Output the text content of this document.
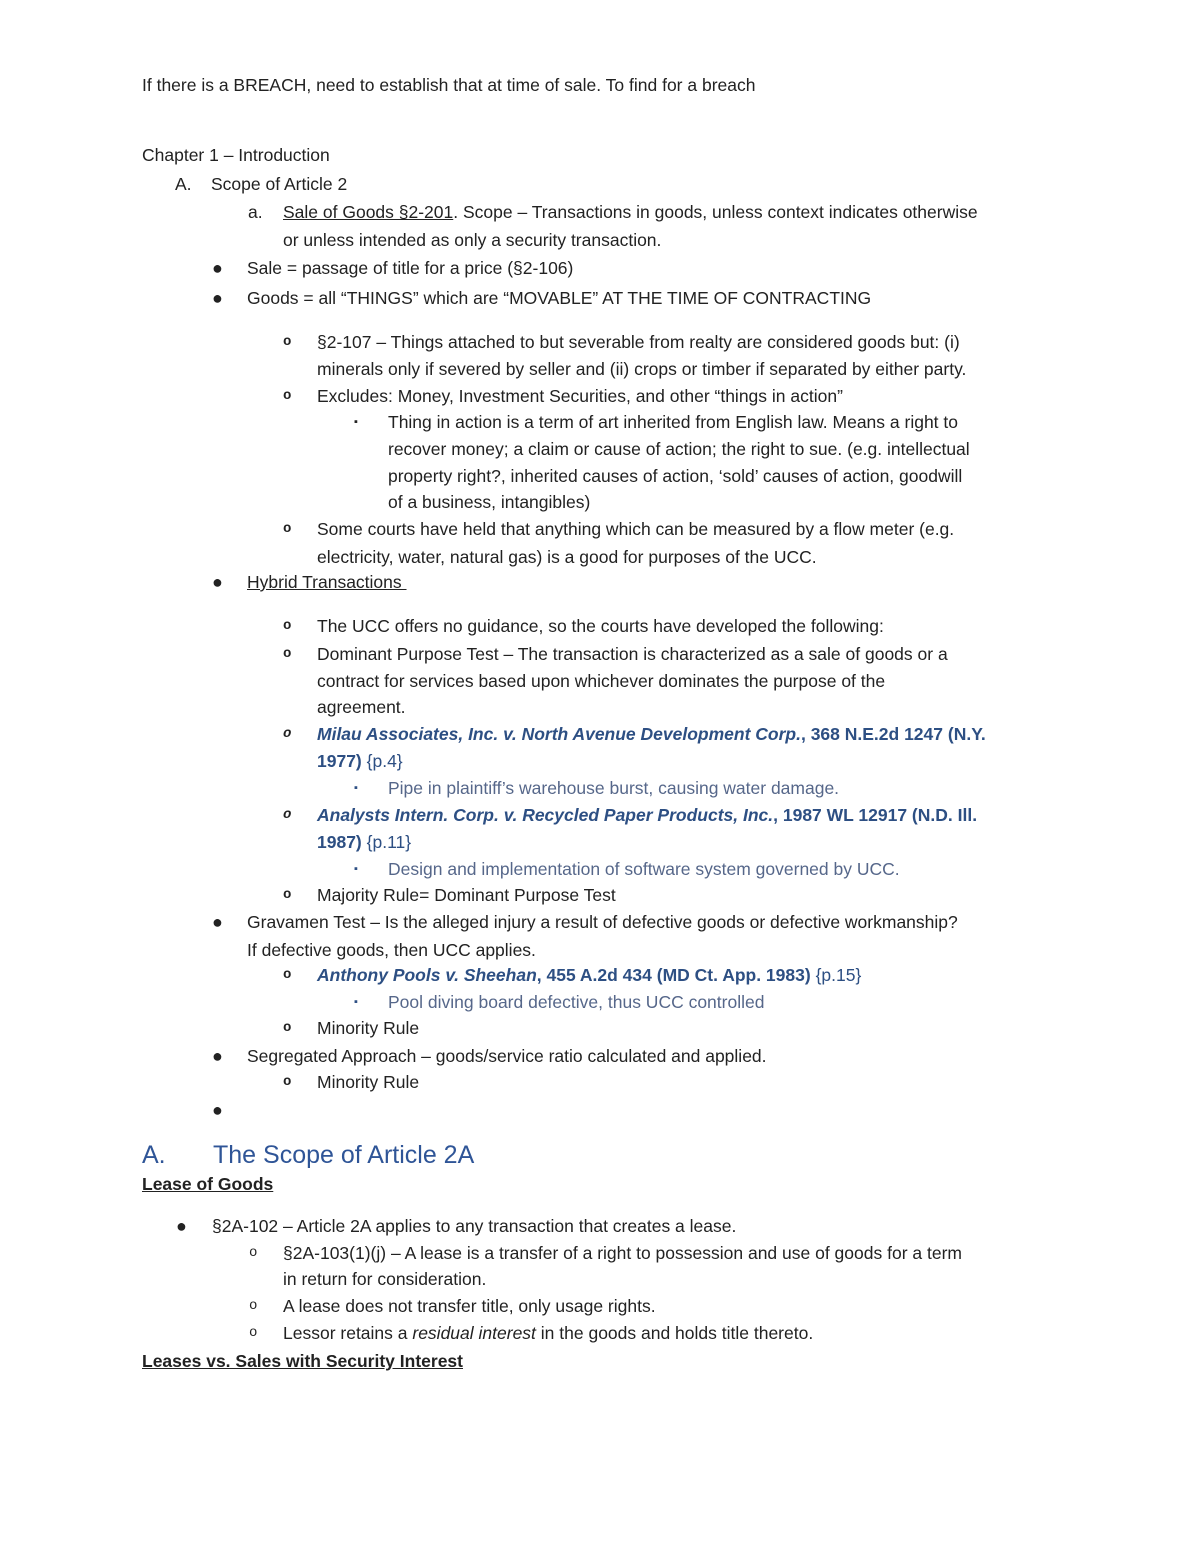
If there is a BREACH, need to establish that at time of sale. To find for a breach
Chapter 1 – Introduction
A. Scope of Article 2
a. Sale of Goods §2-201. Scope – Transactions in goods, unless context indicates otherwise
or unless intended as only a security transaction.
● Sale = passage of title for a price (§2-106)
● Goods = all “THINGS” which are “MOVABLE” AT THE TIME OF CONTRACTING
o §2-107 – Things attached to but severable from realty are considered goods but: (i)
minerals only if severed by seller and (ii) crops or timber if separated by either party.
o Excludes: Money, Investment Securities, and other “things in action”
▪ Thing in action is a term of art inherited from English law. Means a right to
recover money; a claim or cause of action; the right to sue. (e.g. intellectual
property right?, inherited causes of action, ‘sold’ causes of action, goodwill
of a business, intangibles)
o Some courts have held that anything which can be measured by a flow meter (e.g.
electricity, water, natural gas) is a good for purposes of the UCC.
● Hybrid Transactions
o The UCC offers no guidance, so the courts have developed the following:
o Dominant Purpose Test – The transaction is characterized as a sale of goods or a
contract for services based upon whichever dominates the purpose of the
agreement.
o Milau Associates, Inc. v. North Avenue Development Corp., 368 N.E.2d 1247 (N.Y.
1977) {p.4}
▪ Pipe in plaintiff’s warehouse burst, causing water damage.
o Analysts Intern. Corp. v. Recycled Paper Products, Inc., 1987 WL 12917 (N.D. Ill.
1987) {p.11}
▪ Design and implementation of software system governed by UCC.
o Majority Rule= Dominant Purpose Test
● Gravamen Test – Is the alleged injury a result of defective goods or defective workmanship?
If defective goods, then UCC applies.
o Anthony Pools v. Sheehan, 455 A.2d 434 (MD Ct. App. 1983) {p.15}
▪ Pool diving board defective, thus UCC controlled
o Minority Rule
● Segregated Approach – goods/service ratio calculated and applied.
o Minority Rule
●
A. The Scope of Article 2A
Lease of Goods
● §2A-102 – Article 2A applies to any transaction that creates a lease.
o §2A-103(1)(j) – A lease is a transfer of a right to possession and use of goods for a term
in return for consideration.
o A lease does not transfer title, only usage rights.
o Lessor retains a residual interest in the goods and holds title thereto.
Leases vs. Sales with Security Interest
